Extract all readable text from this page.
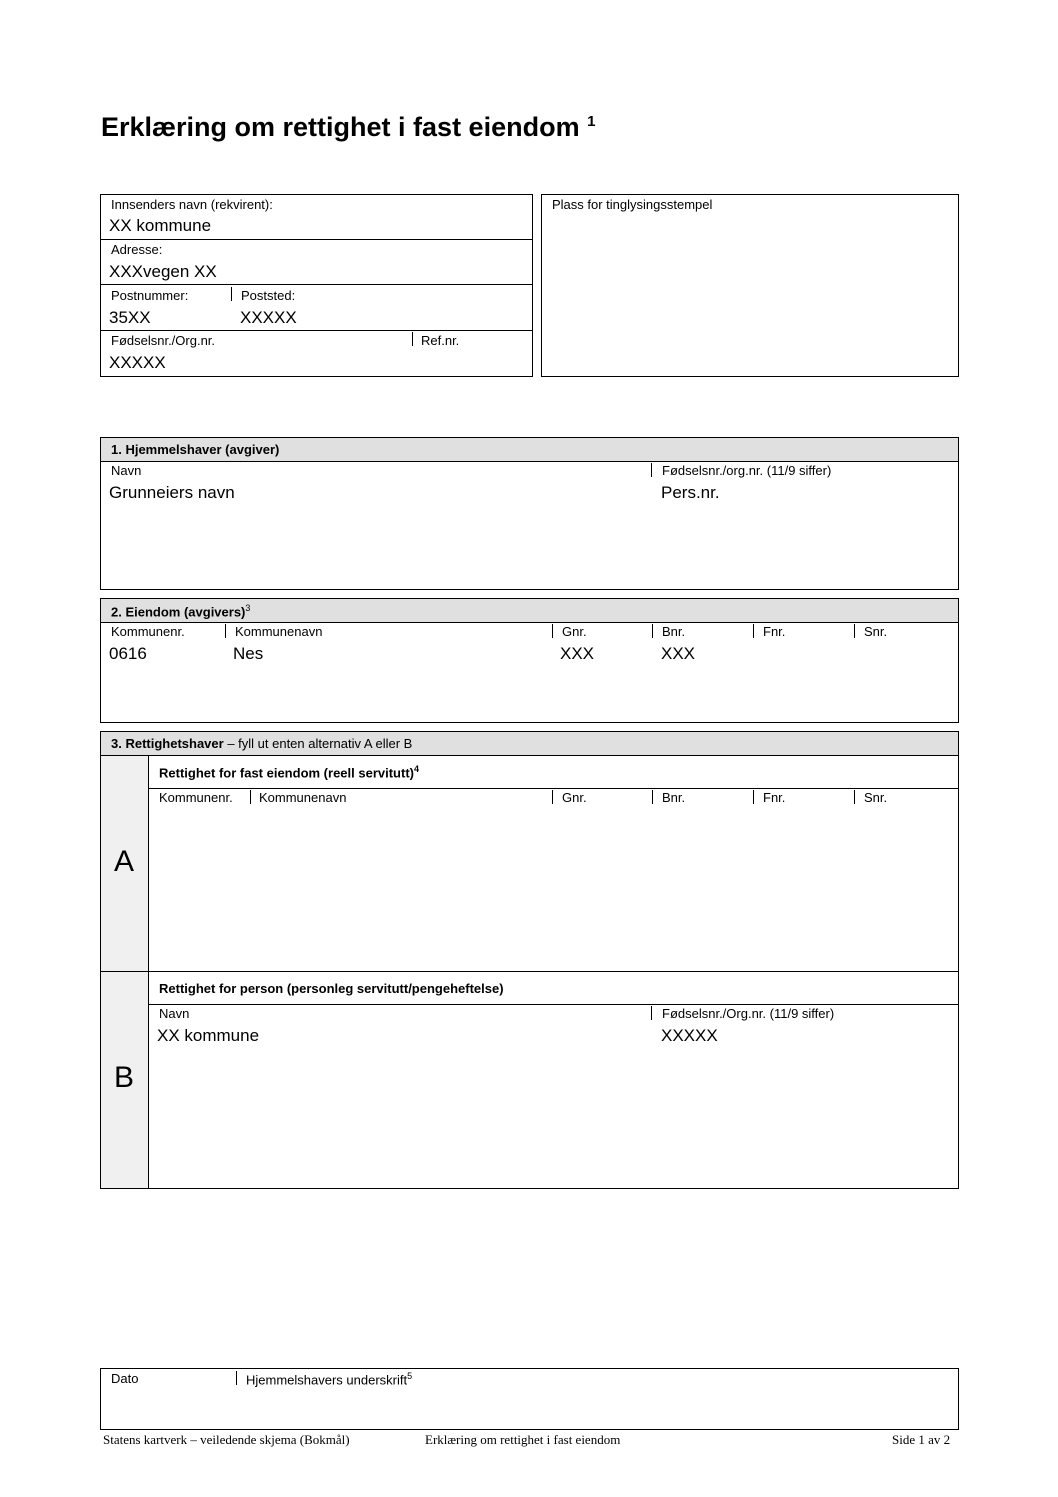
Erklæring om rettighet i fast eiendom $^1$
Innsenders navn (rekvirent):
XX kommune
Adresse:
XXXvegen XX
Postnummer:
35XX
Poststed:
XXXXX
Fødselsnr./Org.nr.
XXXXX
Ref.nr.
Plass for tinglysingsstempel
1. Hjemmelshaver (avgiver)
Navn
Grunneiers navn
Fødselsnr./org.nr. (11/9 siffer)
Pers.nr.
2. Eiendom (avgivers)$^3$
Kommunenr.	Kommunenavn	Gnr.	Bnr.	Fnr.	Snr.
0616	Nes	XXX	XXX
3. Rettighetshaver – fyll ut enten alternativ A eller B
A
B
Rettighet for fast eiendom (reell servitutt)$^4$
Kommunenr. Kommunenavn	Gnr.	Bnr.	Fnr.	Snr.
Rettighet for person (personleg servitutt/pengeheftelse)
Navn
XX kommune
Fødselsnr./Org.nr. (11/9 siffer)
XXXXX
Dato	Hjemmelshavers underskrift$^5$
Statens kartverk – veiledende skjema (Bokmål)	Erklæring om rettighet i fast eiendom	Side 1 av 2
